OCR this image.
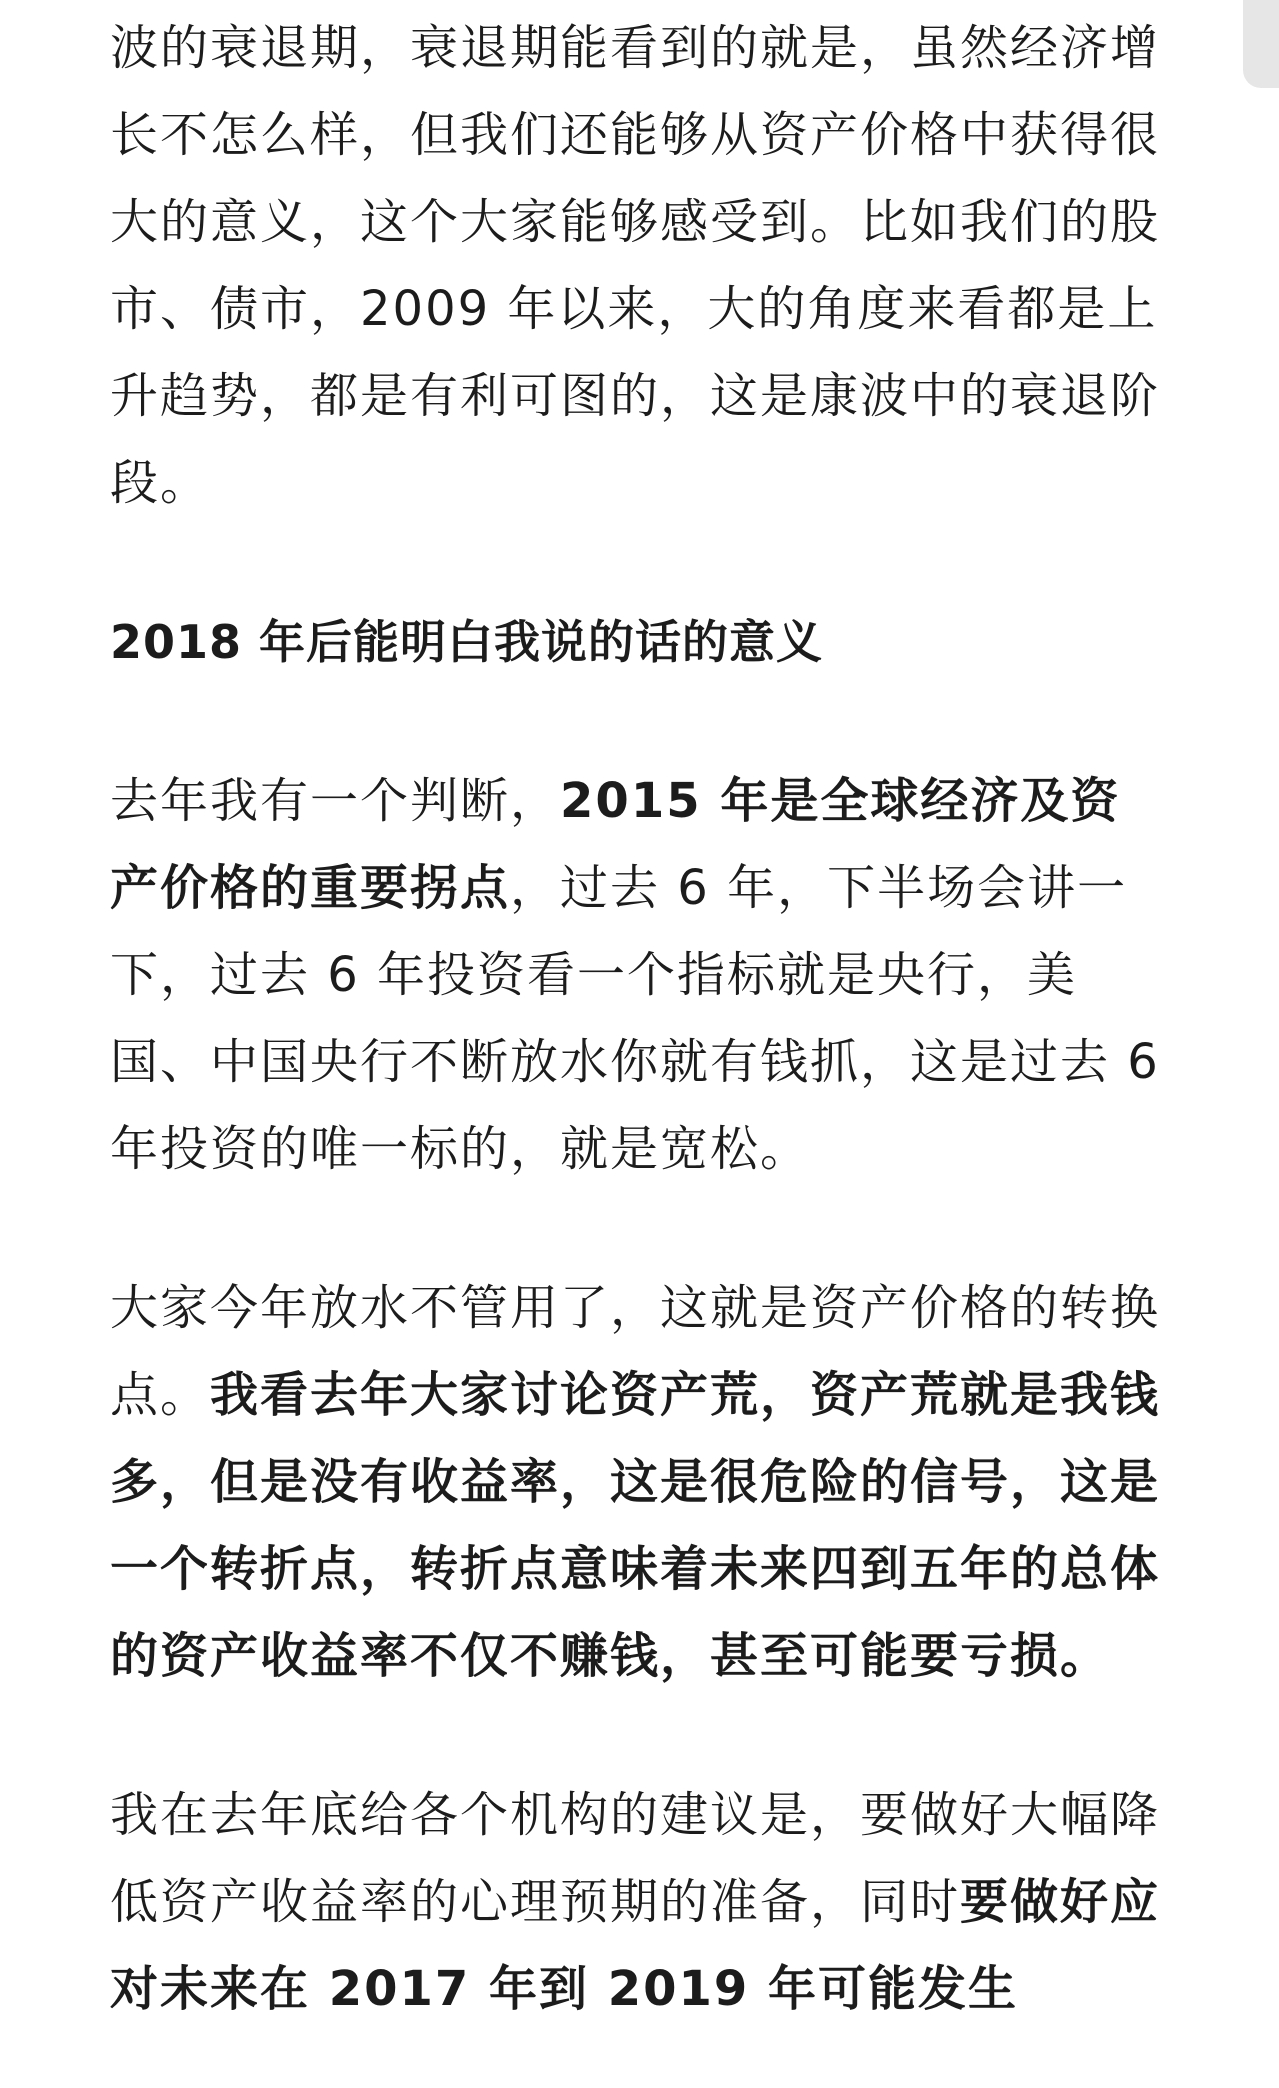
波的衰退期，衰退期能看到的就是，虽然经济增长不怎么样，但我们还能够从资产价格中获得很大的意义，这个大家能够感受到。比如我们的股市、债市，2009 年以来，大的角度来看都是上升趋势，都是有利可图的，这是康波中的衰退阶段。

2018 年后能明白我说的话的意义

去年我有一个判断，2015 年是全球经济及资产价格的重要拐点，过去 6 年，下半场会讲一下，过去 6 年投资看一个指标就是央行，美国、中国央行不断放水你就有钱抓，这是过去 6 年投资的唯一标的，就是宽松。

大家今年放水不管用了，这就是资产价格的转换点。我看去年大家讨论资产荒，资产荒就是我钱多，但是没有收益率，这是很危险的信号，这是一个转折点，转折点意味着未来四到五年的总体的资产收益率不仅不赚钱，甚至可能要亏损。

我在去年底给各个机构的建议是，要做好大幅降低资产收益率的心理预期的准备，同时要做好应对未来在 2017 年到 2019 年可能发生
